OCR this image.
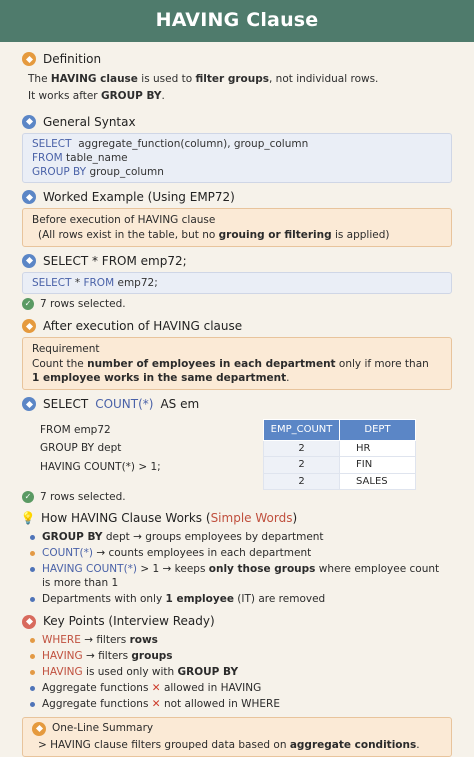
HAVING Clause
Definition
The HAVING clause is used to filter groups, not individual rows.
It works after GROUP BY.
General Syntax
SELECT aggregate_function(column), group_column
FROM table_name
GROUP BY group_column
Worked Example (Using EMP72)
Before execution of HAVING clause
(All rows exist in the table, but no grouing or filtering is applied)
SELECT * FROM emp72;
SELECT * FROM emp72;
✓ 7 rows selected.
After execution of HAVING clause
Requirement
Count the number of employees in each department only if more than
1 employee works in the same department.
SELECT COUNT(*) AS em
FROM emp72
GROUP BY dept
HAVING COUNT(*) > 1;
EMP_COUNT	DEPT
2	HR
2	FIN
2	SALES
✓ 7 rows selected.
💡 How HAVING Clause Works (Simple Words)
GROUP BY dept → groups employees by department
COUNT(*) → counts employees in each department
HAVING COUNT(*) > 1 → keeps only those groups where employee count
is more than 1
Departments with only 1 employee (IT) are removed
Key Points (Interview Ready)
WHERE → filters rows
HAVING → filters groups
HAVING is used only with GROUP BY
Aggregate functions ✕ allowed in HAVING
Aggregate functions ✕ not allowed in WHERE
One-Line Summary
> HAVING clause filters grouped data based on aggregate conditions.
